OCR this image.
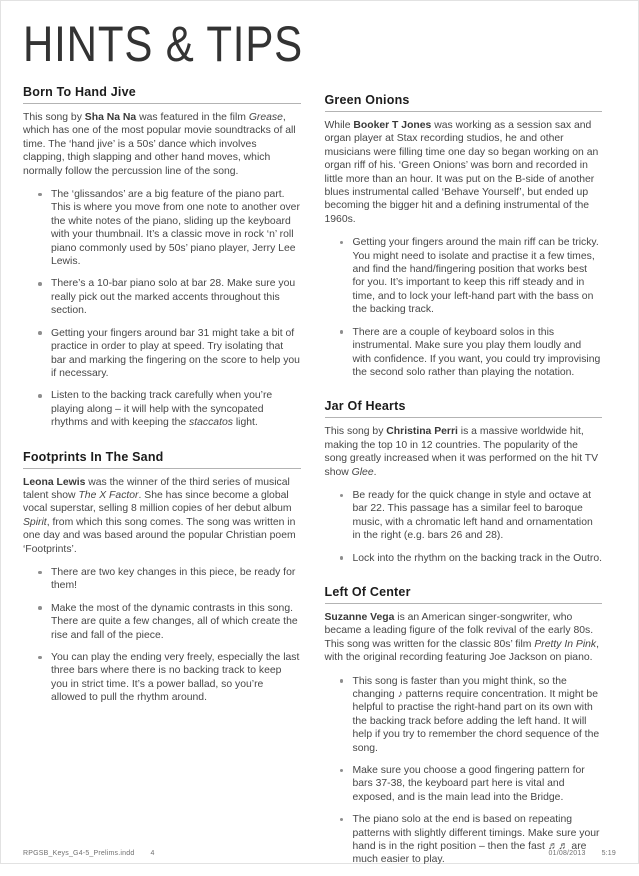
HINTS & TIPS
Born To Hand Jive

This song by Sha Na Na was featured in the film Grease, which has one of the most popular movie soundtracks of all time. The ‘hand jive’ is a 50s’ dance which involves clapping, thigh slapping and other hand moves, which normally follow the percussion line of the song.

The ‘glissandos’ are a big feature of the piano part. This is where you move from one note to another over the white notes of the piano, sliding up the keyboard with your thumbnail. It’s a classic move in rock ‘n’ roll piano commonly used by 50s’ piano player, Jerry Lee Lewis.
There’s a 10-bar piano solo at bar 28. Make sure you really pick out the marked accents throughout this section.
Getting your fingers around bar 31 might take a bit of practice in order to play at speed. Try isolating that bar and marking the fingering on the score to help you if necessary.
Listen to the backing track carefully when you’re playing along – it will help with the syncopated rhythms and with keeping the staccatos light.
Footprints In The Sand

Leona Lewis was the winner of the third series of musical talent show The X Factor. She has since become a global vocal superstar, selling 8 million copies of her debut album Spirit, from which this song comes. The song was written in one day and was based around the popular Christian poem ‘Footprints’.

There are two key changes in this piece, be ready for them!
Make the most of the dynamic contrasts in this song. There are quite a few changes, all of which create the rise and fall of the piece.
You can play the ending very freely, especially the last three bars where there is no backing track to keep you in strict time. It’s a power ballad, so you’re allowed to pull the rhythm around.
Green Onions

While Booker T Jones was working as a session sax and organ player at Stax recording studios, he and other musicians were filling time one day so began working on an organ riff of his. ‘Green Onions’ was born and recorded in little more than an hour. It was put on the B-side of another blues instrumental called ‘Behave Yourself’, but ended up becoming the bigger hit and a defining instrumental of the 1960s.

Getting your fingers around the main riff can be tricky. You might need to isolate and practise it a few times, and find the hand/fingering position that works best for you. It’s important to keep this riff steady and in time, and to lock your left-hand part with the bass on the backing track.
There are a couple of keyboard solos in this instrumental. Make sure you play them loudly and with confidence. If you want, you could try improvising the second solo rather than playing the notation.
Jar Of Hearts

This song by Christina Perri is a massive worldwide hit, making the top 10 in 12 countries. The popularity of the song greatly increased when it was performed on the hit TV show Glee.

Be ready for the quick change in style and octave at bar 22. This passage has a similar feel to baroque music, with a chromatic left hand and ornamentation in the right (e.g. bars 26 and 28).
Lock into the rhythm on the backing track in the Outro.
Left Of Center

Suzanne Vega is an American singer-songwriter, who became a leading figure of the folk revival of the early 80s. This song was written for the classic 80s’ film Pretty In Pink, with the original recording featuring Joe Jackson on piano.

This song is faster than you might think, so the changing ♪ patterns require concentration. It might be helpful to practise the right-hand part on its own with the backing track before adding the left hand. It will help if you try to remember the chord sequence of the song.
Make sure you choose a good fingering pattern for bars 37-38, the keyboard part here is vital and exposed, and is the main lead into the Bridge.
The piano solo at the end is based on repeating patterns with slightly different timings. Make sure your hand is in the right position – then the fast ♬♬ are much easier to play.
RPGSB_Keys_G4-5_Prelims.indd 4	01/08/2013 5:19
